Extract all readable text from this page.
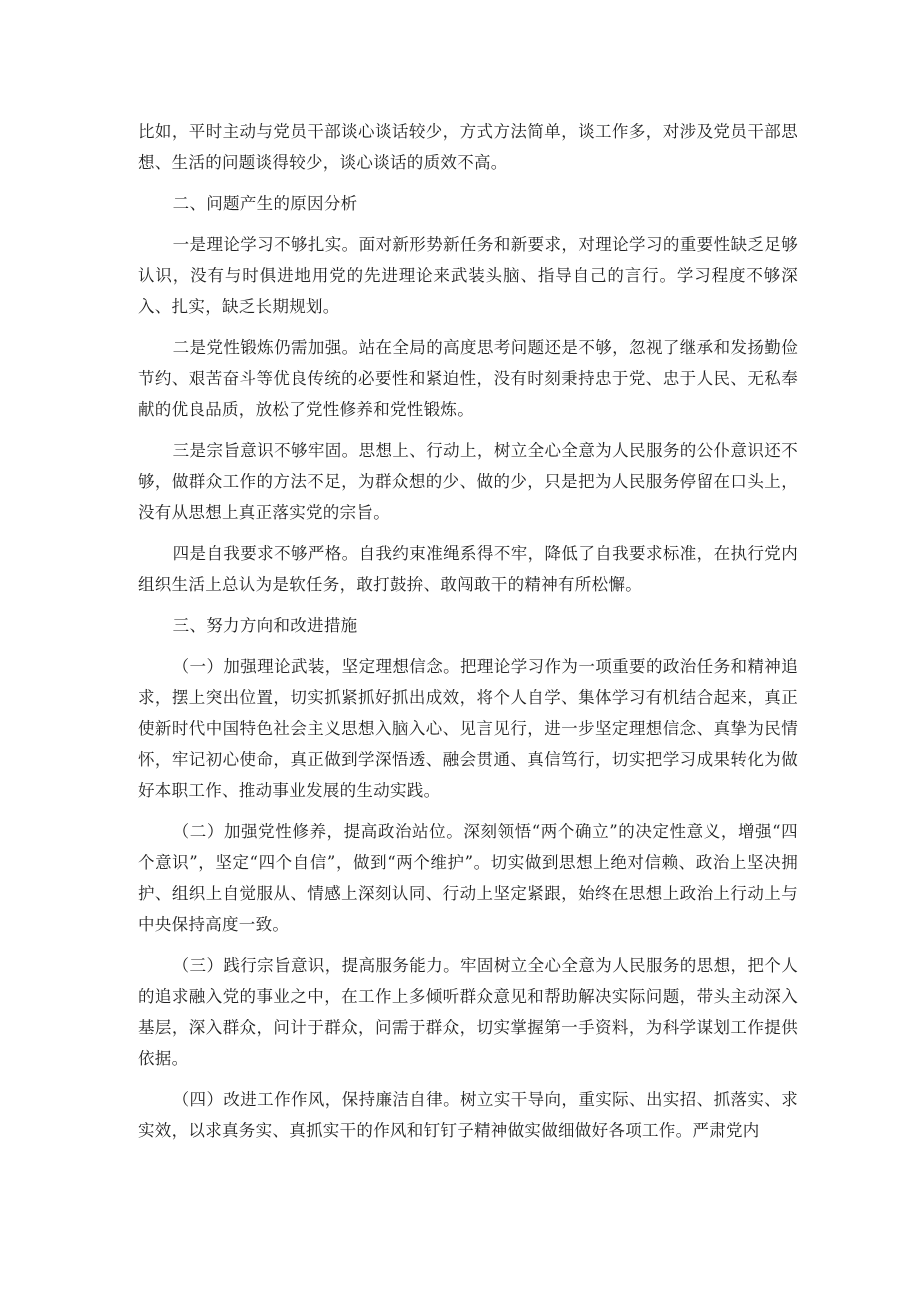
比如，平时主动与党员干部谈心谈话较少，方式方法简单，谈工作多，对涉及党员干部思想、生活的问题谈得较少，谈心谈话的质效不高。

二、问题产生的原因分析

一是理论学习不够扎实。面对新形势新任务和新要求，对理论学习的重要性缺乏足够认识，没有与时俱进地用党的先进理论来武装头脑、指导自己的言行。学习程度不够深入、扎实，缺乏长期规划。

二是党性锻炼仍需加强。站在全局的高度思考问题还是不够，忽视了继承和发扬勤俭节约、艰苦奋斗等优良传统的必要性和紧迫性，没有时刻秉持忠于党、忠于人民、无私奉献的优良品质，放松了党性修养和党性锻炼。

三是宗旨意识不够牢固。思想上、行动上，树立全心全意为人民服务的公仆意识还不够，做群众工作的方法不足，为群众想的少、做的少，只是把为人民服务停留在口头上，没有从思想上真正落实党的宗旨。

四是自我要求不够严格。自我约束准绳系得不牢，降低了自我要求标准，在执行党内组织生活上总认为是软任务，敢打鼓拚、敢闯敢干的精神有所松懈。

三、努力方向和改进措施

（一）加强理论武装，坚定理想信念。把理论学习作为一项重要的政治任务和精神追求，摆上突出位置，切实抓紧抓好抓出成效，将个人自学、集体学习有机结合起来，真正使新时代中国特色社会主义思想入脑入心、见言见行，进一步坚定理想信念、真挚为民情怀，牢记初心使命，真正做到学深悟透、融会贯通、真信笃行，切实把学习成果转化为做好本职工作、推动事业发展的生动实践。

（二）加强党性修养，提高政治站位。深刻领悟“两个确立”的决定性意义，增强“四个意识”，坚定“四个自信”，做到“两个维护”。切实做到思想上绝对信赖、政治上坚决拥护、组织上自觉服从、情感上深刻认同、行动上坚定紧跟，始终在思想上政治上行动上与中央保持高度一致。

（三）践行宗旨意识，提高服务能力。牢固树立全心全意为人民服务的思想，把个人的追求融入党的事业之中，在工作上多倾听群众意见和帮助解决实际问题，带头主动深入基层，深入群众，问计于群众，问需于群众，切实掌握第一手资料，为科学谋划工作提供依据。

（四）改进工作作风，保持廉洁自律。树立实干导向，重实际、出实招、抓落实、求实效，以求真务实、真抓实干的作风和钉钉子精神做实做细做好各项工作。严肃党内
